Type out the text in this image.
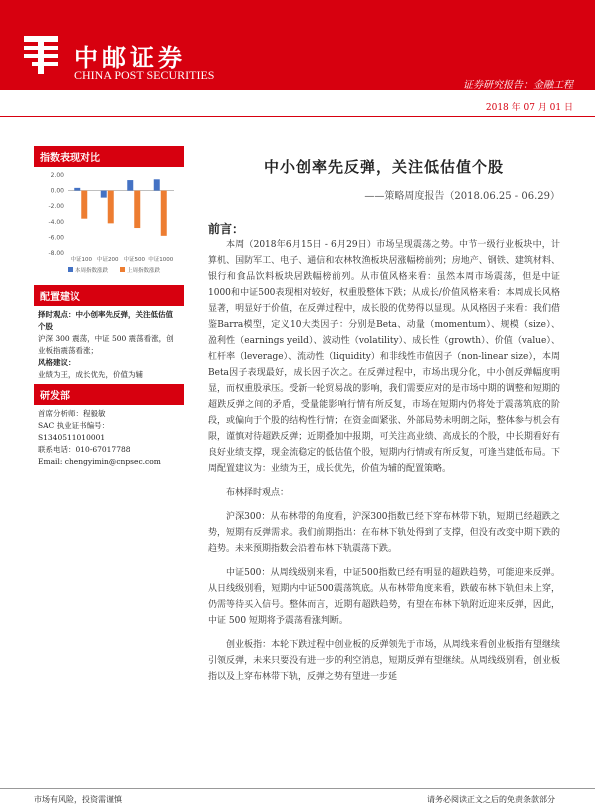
中邮证券
CHINA POST SECURITIES
证券研究报告：金融工程
2018 年 07 月 01 日
指数表现对比
2.00
0.00
-2.00
-4.00
-6.00
-8.00
中证100 中证200 中证500 中证1000
本周指数涨跌	上周指数涨跌
配置建议
择时观点：中小创率先反弹，关注低估值个股
沪深 300 震荡，中证 500 震荡看涨，创业板指震荡看涨；
风格建议：
业绩为王，成长优先，价值为辅
研发部
首席分析师：程毅敏
SAC 执业证书编号：
S1340511010001
联系电话：010-67017788
Email: chengyimin@cnpsec.com
中小创率先反弹，关注低估值个股
——策略周度报告（2018.06.25 - 06.29）
前言：

本周（2018年6月15日 - 6月29日）市场呈现震荡之势。中节一级行业板块中，计算机、国防军工、电子、通信和农林牧渔板块居涨幅榜前列；房地产、钢铁、建筑材料、银行和食品饮料板块居跌幅榜前列。从市值风格来看：虽然本周市场震荡，但是中证1000和中证500表现相对较好，权重股整体下跌；从成长/价值风格来看：本周成长风格显著，明显好于价值，在反弹过程中，成长股的优势得以显现。从风格因子来看：我们借鉴Barra模型，定义10大类因子：分别是Beta、动量（momentum）、规模（size）、盈利性（earnings yeild）、波动性（volatility）、成长性（growth）、价值（value）、杠杆率（leverage）、流动性（liquidity）和非线性市值因子（non-linear size），本周Beta因子表现最好，成长因子次之。在反弹过程中，市场出现分化，中小创反弹幅度明显，而权重股承压。受新一轮贸易战的影响，我们需要应对的是市场中期的调整和短期的超跌反弹之间的矛盾，受量能影响行情有所反复，市场在短期内仍将处于震荡筑底的阶段，或偏向于个股的结构性行情；在资金面紧张、外部局势未明朗之际，整体参与机会有限，谨慎对待超跌反弹；近期叠加中报期，可关注高业绩、高成长的个股，中长期看好有良好业绩支撑，现金流稳定的低估值个股，短期内行情或有所反复，可逢当建低布局。下周配置建议为：业绩为王，成长优先，价值为辅的配置策略。

布林择时观点：

沪深300：从布林带的角度看，沪深300指数已经下穿布林带下轨，短期已经超跌之势，短期有反弹需求。我们前期指出：在布林下轨处得到了支撑，但没有改变中期下跌的趋势。未来预期指数会沿着布林下轨震荡下跌。

中证500：从周线级别来看，中证500指数已经有明显的超跌趋势，可能迎来反弹。从日线级别看，短期内中证500震荡筑底。从布林带角度来看，跌破布林下轨但未上穿，仍需等待买入信号。整体而言，近期有超跌趋势，有望在布林下轨附近迎来反弹，因此，中证 500 短期将予震荡看涨判断。

创业板指：本轮下跌过程中创业板的反弹领先于市场，从周线来看创业板指有望继续引领反弹，未来只要没有进一步的利空消息，短期反弹有望继续。从周线级别看，创业板指以及上穿布林带下轨，反弹之势有望进一步延

市场有风险，投资需谨慎	请务必阅读正文之后的免责条款部分
